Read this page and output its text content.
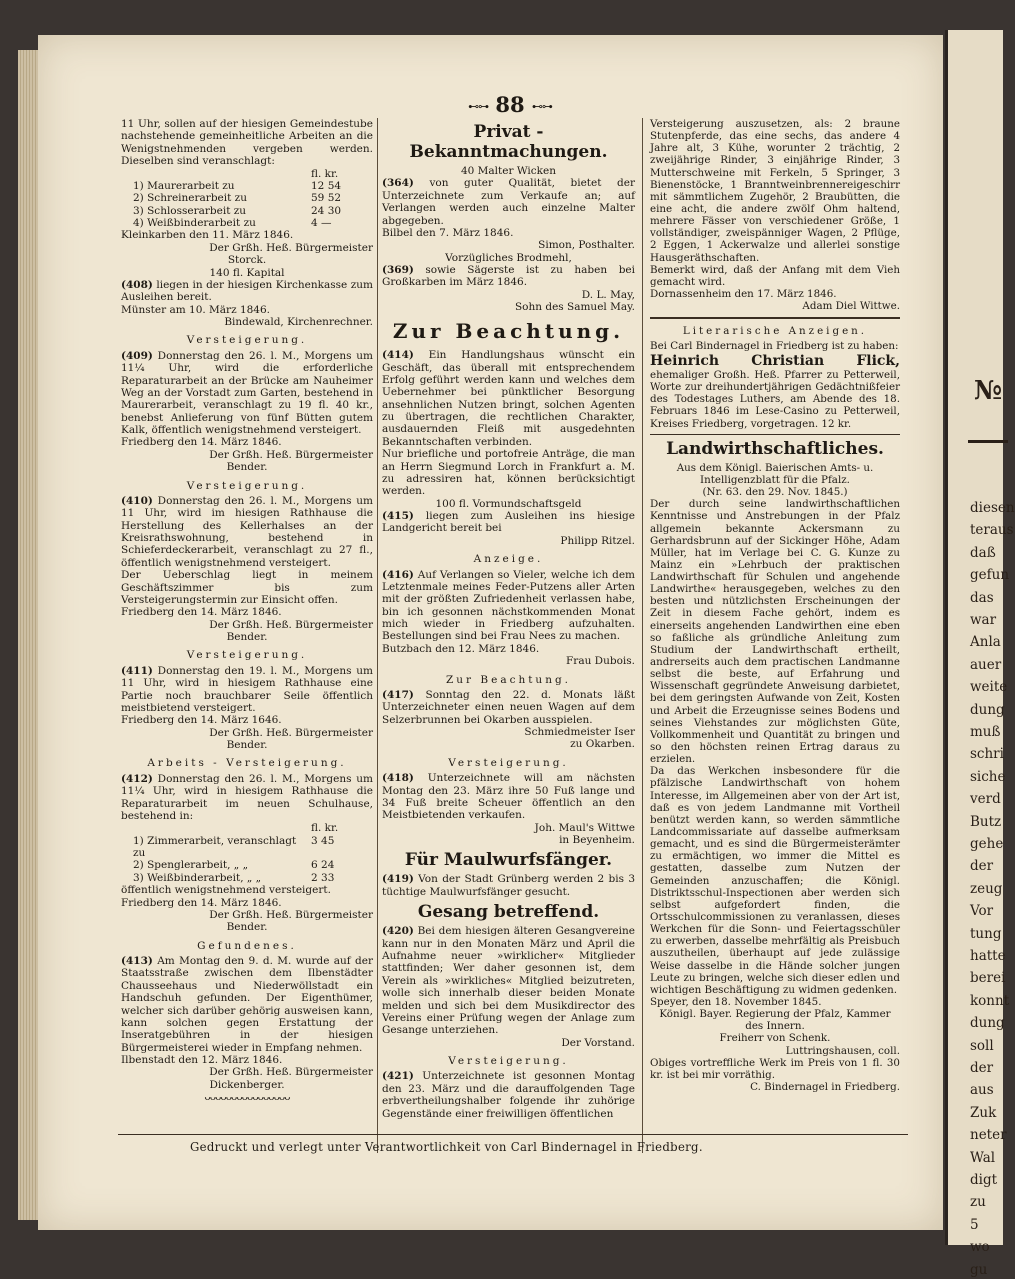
№
diesen
teraus
daß
gefun
das
war
Anla
auer
weite
dung
muß
schri
siche
verd
Butz
gehe
der
zeug
Vor
tung
hatte
berei
konnt
dung
soll
der
aus
Zuk
neter
Wal
digt
zu
5
wo
gu
⊷⊶ 88 ⊷⊶

11 Uhr, sollen auf der hiesigen Gemeindestube nachstehende gemeinheitliche Arbeiten an die Wenigstnehmenden vergeben werden. Dieselben sind veranschlagt:

fl. kr.
1) Maurerarbeit zu	12 54
2) Schreinerarbeit zu	59 52
3) Schlosserarbeit zu	24 30
4) Weißbinderarbeit zu	4 —

Kleinkarben den 11. März 1846.

Der Grßh. Heß. Bürgermeister

Storck.

140 fl. Kapital

(408) liegen in der hiesigen Kirchenkasse zum Ausleihen bereit.

Münster am 10. März 1846.

Bindewald, Kirchenrechner.

Versteigerung.

(409) Donnerstag den 26. l. M., Morgens um 11¼ Uhr, wird die erforderliche Reparaturarbeit an der Brücke am Nauheimer Weg an der Vorstadt zum Garten, bestehend in Maurerarbeit, veranschlagt zu 19 fl. 40 kr., benebst Anlieferung von fünf Bütten gutem Kalk, öffentlich wenigstnehmend versteigert.

Friedberg den 14. März 1846.

Der Grßh. Heß. Bürgermeister

Bender.

Versteigerung.

(410) Donnerstag den 26. l. M., Morgens um 11 Uhr, wird im hiesigen Rathhause die Herstellung des Kellerhalses an der Kreisrathswohnung, bestehend in Schieferdeckerarbeit, veranschlagt zu 27 fl., öffentlich wenigstnehmend versteigert.

Der Ueberschlag liegt in meinem Geschäftszimmer bis zum Versteigerungstermin zur Einsicht offen.

Friedberg den 14. März 1846.

Der Grßh. Heß. Bürgermeister

Bender.

Versteigerung.

(411) Donnerstag den 19. l. M., Morgens um 11 Uhr, wird in hiesigem Rathhause eine Partie noch brauchbarer Seile öffentlich meistbietend versteigert.

Friedberg den 14. März 1646.

Der Grßh. Heß. Bürgermeister

Bender.

Arbeits - Versteigerung.

(412) Donnerstag den 26. l. M., Morgens um 11¼ Uhr, wird in hiesigem Rathhause die Reparaturarbeit im neuen Schulhause, bestehend in:

fl. kr.
1) Zimmerarbeit, veranschlagt zu
3 45
2) Spenglerarbeit, „ „	6 24
3) Weißbinderarbeit, „ „	2 33

öffentlich wenigstnehmend versteigert.

Friedberg den 14. März 1846.

Der Grßh. Heß. Bürgermeister

Bender.

Gefundenes.

(413) Am Montag den 9. d. M. wurde auf der Staatsstraße zwischen dem Ilbenstädter Chausseehaus und Niederwöllstadt ein Handschuh gefunden. Der Eigenthümer, welcher sich darüber gehörig ausweisen kann, kann solchen gegen Erstattung der Inseratgebühren in der hiesigen Bürgermeisterei wieder in Empfang nehmen.

Ilbenstadt den 12. März 1846.

Der Grßh. Heß. Bürgermeister

Dickenberger.

ᴗᴗᴗᴗᴗᴗᴗᴗᴗᴗᴗᴗᴗᴗᴗᴗ

Privat - Bekanntmachungen.

40 Malter Wicken

(364) von guter Qualität, bietet der Unterzeichnete zum Verkaufe an; auf Verlangen werden auch einzelne Malter abgegeben.

Bilbel den 7. März 1846.

Simon, Posthalter.

Vorzügliches Brodmehl,

(369) sowie Sägerste ist zu haben bei Großkarben im März 1846.

D. L. May,

Sohn des Samuel May.

Zur Beachtung.

(414) Ein Handlungshaus wünscht ein Geschäft, das überall mit entsprechendem Erfolg geführt werden kann und welches dem Uebernehmer bei pünktlicher Besorgung ansehnlichen Nutzen bringt, solchen Agenten zu übertragen, die rechtlichen Charakter, ausdauernden Fleiß mit ausgedehnten Bekanntschaften verbinden.

Nur briefliche und portofreie Anträge, die man an Herrn Siegmund Lorch in Frankfurt a. M. zu adressiren hat, können berücksichtigt werden.

100 fl. Vormundschaftsgeld

(415) liegen zum Ausleihen ins hiesige Landgericht bereit bei

Philipp Ritzel.

Anzeige.

(416) Auf Verlangen so Vieler, welche ich dem Letztenmale meines Feder-Putzens aller Arten mit der größten Zufriedenheit verlassen habe, bin ich gesonnen nächstkommenden Monat mich wieder in Friedberg aufzuhalten. Bestellungen sind bei Frau Nees zu machen.

Butzbach den 12. März 1846.

Frau Dubois.

Zur Beachtung.

(417) Sonntag den 22. d. Monats läßt Unterzeichneter einen neuen Wagen auf dem Selzerbrunnen bei Okarben ausspielen.

Schmiedmeister Iser

zu Okarben.

Versteigerung.

(418) Unterzeichnete will am nächsten Montag den 23. März ihre 50 Fuß lange und 34 Fuß breite Scheuer öffentlich an den Meistbietenden verkaufen.

Joh. Maul's Wittwe

in Beyenheim.

Für Maulwurfsfänger.

(419) Von der Stadt Grünberg werden 2 bis 3 tüchtige Maulwurfsfänger gesucht.

Gesang betreffend.

(420) Bei dem hiesigen älteren Gesangvereine kann nur in den Monaten März und April die Aufnahme neuer »wirklicher« Mitglieder stattfinden; Wer daher gesonnen ist, dem Verein als »wirkliches« Mitglied beizutreten, wolle sich innerhalb dieser beiden Monate melden und sich bei dem Musikdirector des Vereins einer Prüfung wegen der Anlage zum Gesange unterziehen.

Der Vorstand.

Versteigerung.

(421) Unterzeichnete ist gesonnen Montag den 23. März und die darauffolgenden Tage erbvertheilungshalber folgende ihr zuhörige Gegenstände einer freiwilligen öffentlichen

Versteigerung auszusetzen, als: 2 braune Stutenpferde, das eine sechs, das andere 4 Jahre alt, 3 Kühe, worunter 2 trächtig, 2 zweijährige Rinder, 3 einjährige Rinder, 3 Mutterschweine mit Ferkeln, 5 Springer, 3 Bienenstöcke, 1 Branntweinbrennereigeschirr mit sämmtlichem Zugehör, 2 Braubütten, die eine acht, die andere zwölf Ohm haltend, mehrere Fässer von verschiedener Größe, 1 vollständiger, zweispänniger Wagen, 2 Pflüge, 2 Eggen, 1 Ackerwalze und allerlei sonstige Hausgeräthschaften.

Bemerkt wird, daß der Anfang mit dem Vieh gemacht wird.

Dornassenheim den 17. März 1846.

Adam Diel Wittwe.

Literarische Anzeigen.

Bei Carl Bindernagel in Friedberg ist zu haben:

Heinrich Christian Flick, ehemaliger Großh. Heß. Pfarrer zu Petterweil, Worte zur dreihundertjährigen Gedächtnißfeier des Todestages Luthers, am Abende des 18. Februars 1846 im Lese-Casino zu Petterweil, Kreises Friedberg, vorgetragen. 12 kr.

Landwirthschaftliches.

Aus dem Königl. Baierischen Amts- u. Intelligenzblatt für die Pfalz.

(Nr. 63. den 29. Nov. 1845.)

Der durch seine landwirthschaftlichen Kenntnisse und Anstrebungen in der Pfalz allgemein bekannte Ackersmann zu Gerhardsbrunn auf der Sickinger Höhe, Adam Müller, hat im Verlage bei C. G. Kunze zu Mainz ein »Lehrbuch der praktischen Landwirthschaft für Schulen und angehende Landwirthe« herausgegeben, welches zu den besten und nützlichsten Erscheinungen der Zeit in diesem Fache gehört, indem es einerseits angehenden Landwirthen eine eben so faßliche als gründliche Anleitung zum Studium der Landwirthschaft ertheilt, andrerseits auch dem practischen Landmanne selbst die beste, auf Erfahrung und Wissenschaft gegründete Anweisung darbietet, bei dem geringsten Aufwande von Zeit, Kosten und Arbeit die Erzeugnisse seines Bodens und seines Viehstandes zur möglichsten Güte, Vollkommenheit und Quantität zu bringen und so den höchsten reinen Ertrag daraus zu erzielen.

Da das Werkchen insbesondere für die pfälzische Landwirthschaft von hohem Interesse, im Allgemeinen aber von der Art ist, daß es von jedem Landmanne mit Vortheil benützt werden kann, so werden sämmtliche Landcommissariate auf dasselbe aufmerksam gemacht, und es sind die Bürgermeisterämter zu ermächtigen, wo immer die Mittel es gestatten, dasselbe zum Nutzen der Gemeinden anzuschaffen; die Königl. Distriktsschul-Inspectionen aber werden sich selbst aufgefordert finden, die Ortsschulcommissionen zu veranlassen, dieses Werkchen für die Sonn- und Feiertagsschüler zu erwerben, dasselbe mehrfältig als Preisbuch auszutheilen, überhaupt auf jede zulässige Weise dasselbe in die Hände solcher jungen Leute zu bringen, welche sich dieser edlen und wichtigen Beschäftigung zu widmen gedenken.

Speyer, den 18. November 1845.

Königl. Bayer. Regierung der Pfalz, Kammer des Innern.

Freiherr von Schenk.

Luttringshausen, coll.

Obiges vortreffliche Werk im Preis von 1 fl. 30 kr. ist bei mir vorräthig.

C. Bindernagel in Friedberg.

Gedruckt und verlegt unter Verantwortlichkeit von Carl Bindernagel in Friedberg.
